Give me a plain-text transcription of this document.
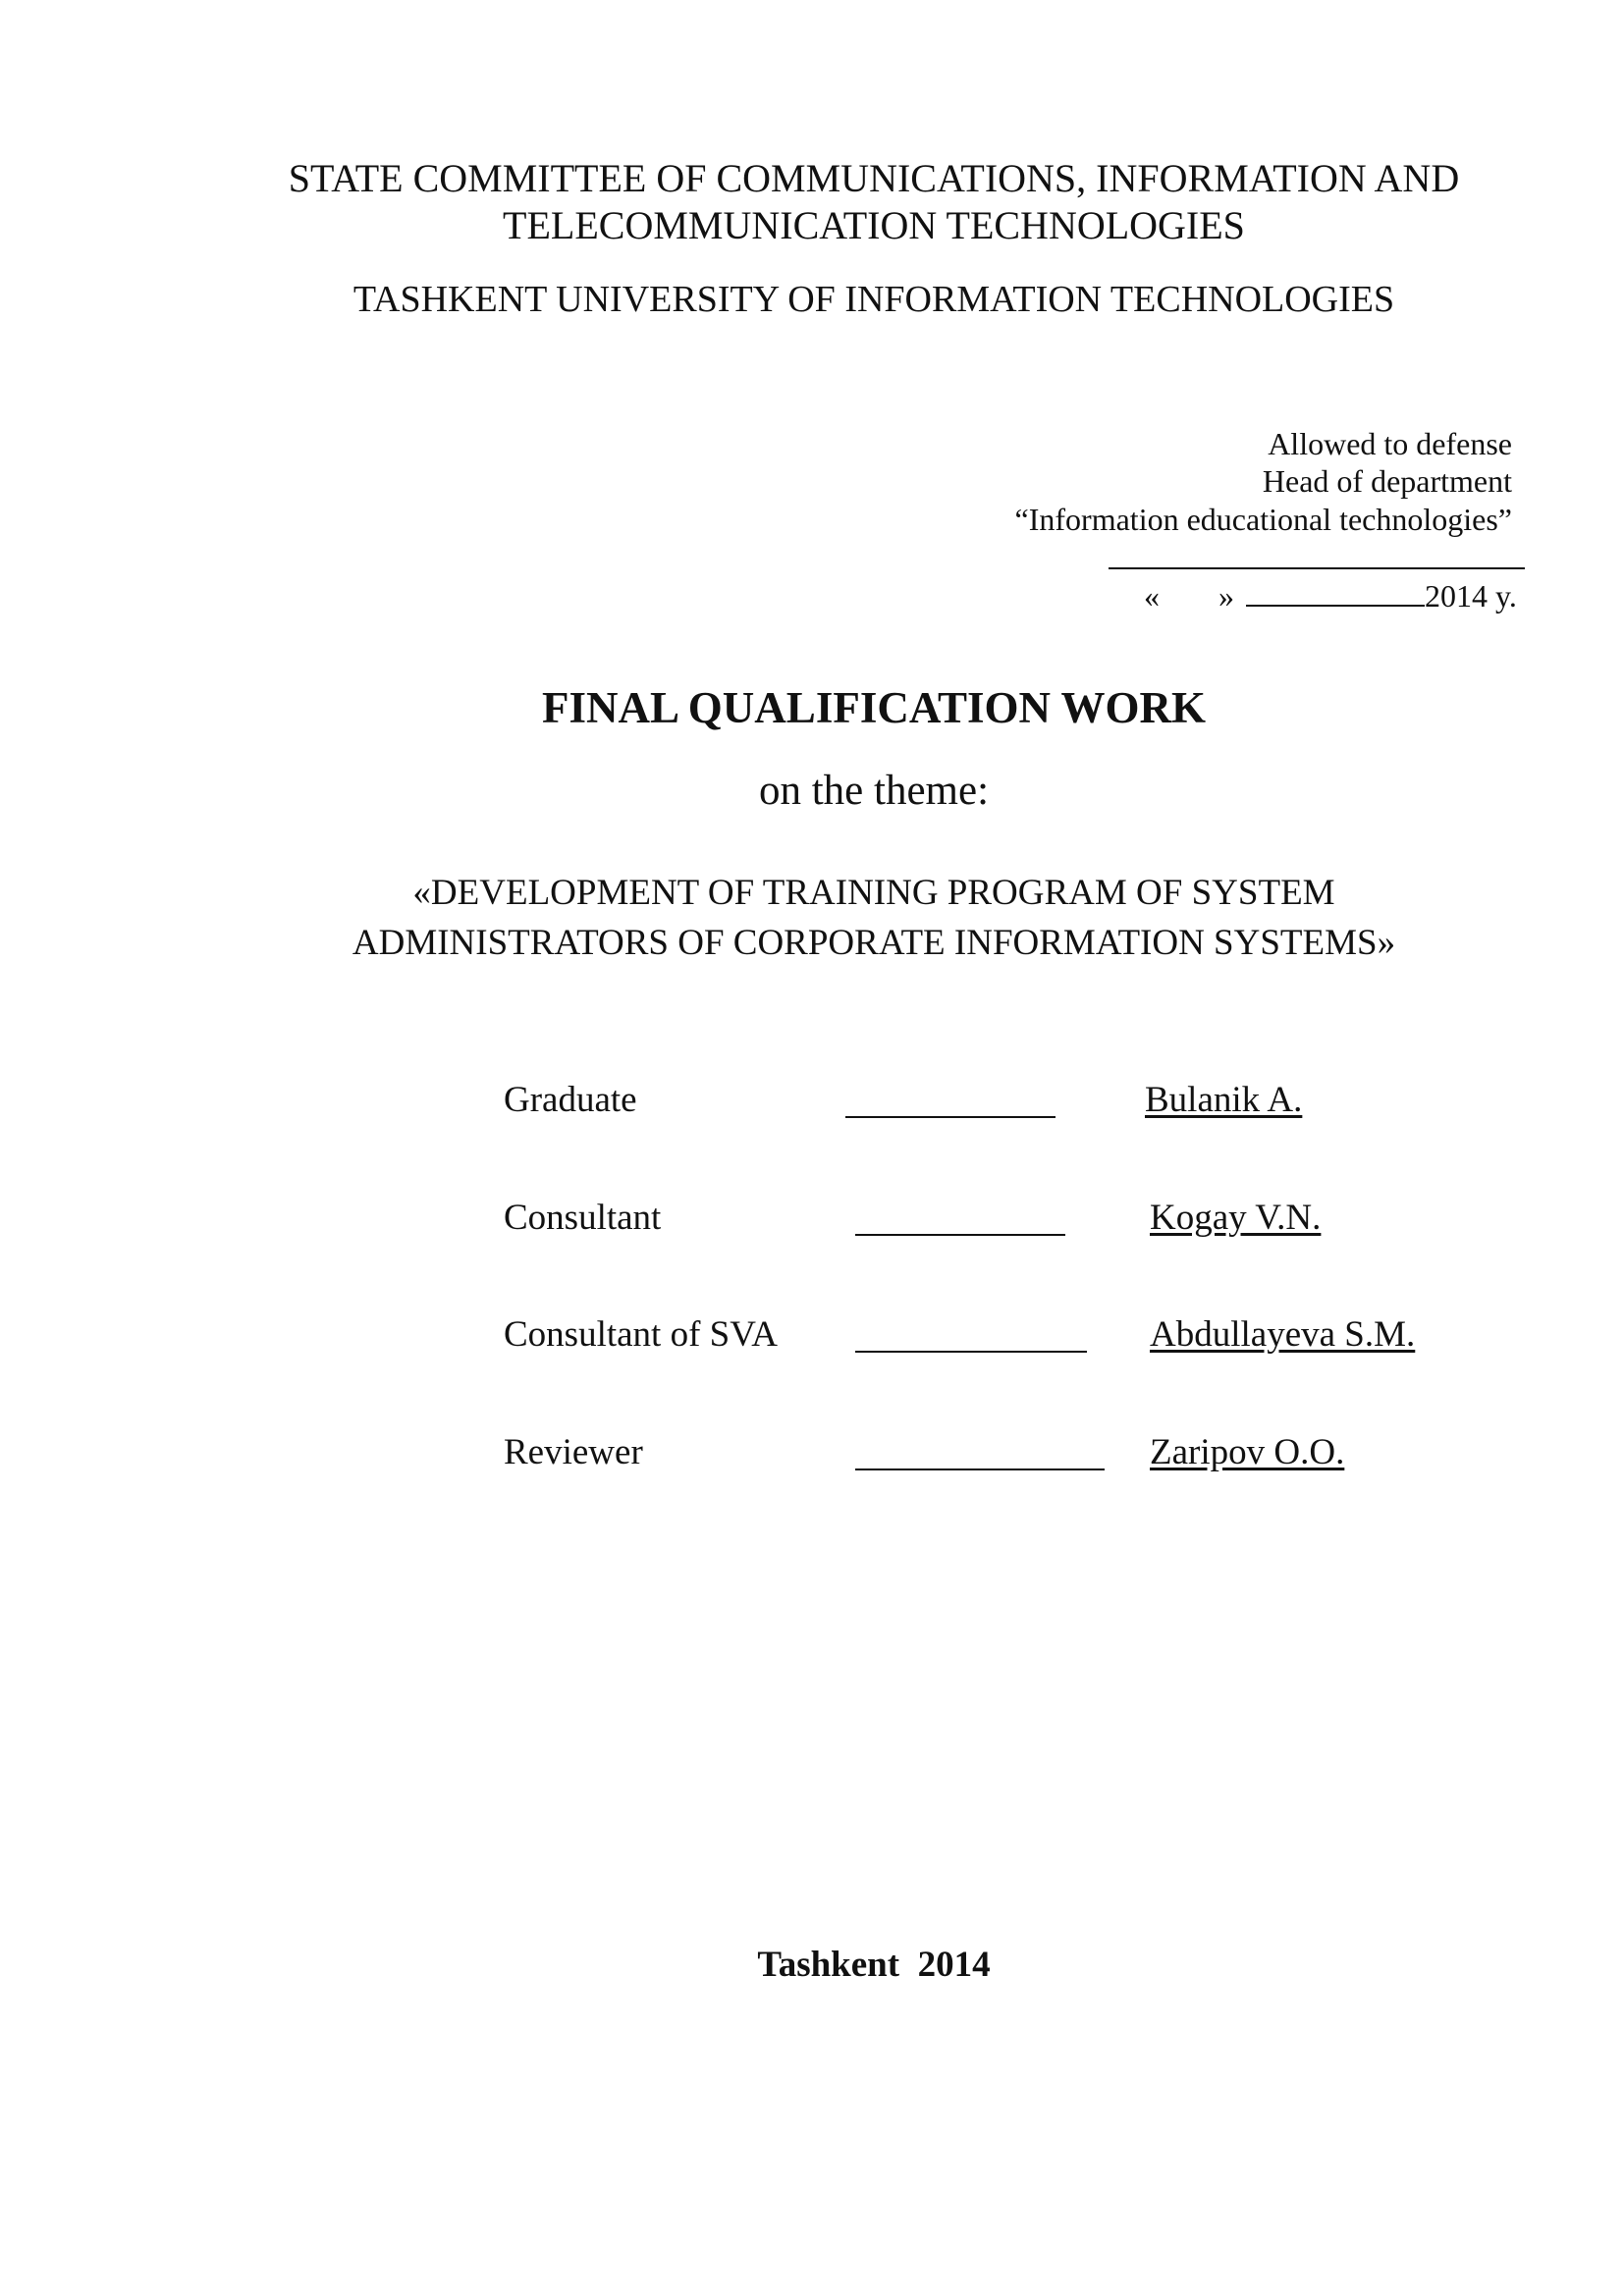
STATE COMMITTEE OF COMMUNICATIONS, INFORMATION AND
TELECOMMUNICATION TECHNOLOGIES
TASHKENT UNIVERSITY OF INFORMATION TECHNOLOGIES
Allowed to defense
Head of department
“Information educational technologies”
« »	2014 y.
FINAL QUALIFICATION WORK
on the theme:
«DEVELOPMENT OF TRAINING PROGRAM OF SYSTEM
ADMINISTRATORS OF CORPORATE INFORMATION SYSTEMS»
Graduate	Bulanik A.
Consultant	Kogay V.N.
Consultant of SVA	Abdullayeva S.M.
Reviewer	Zaripov O.O.
Tashkent  2014
